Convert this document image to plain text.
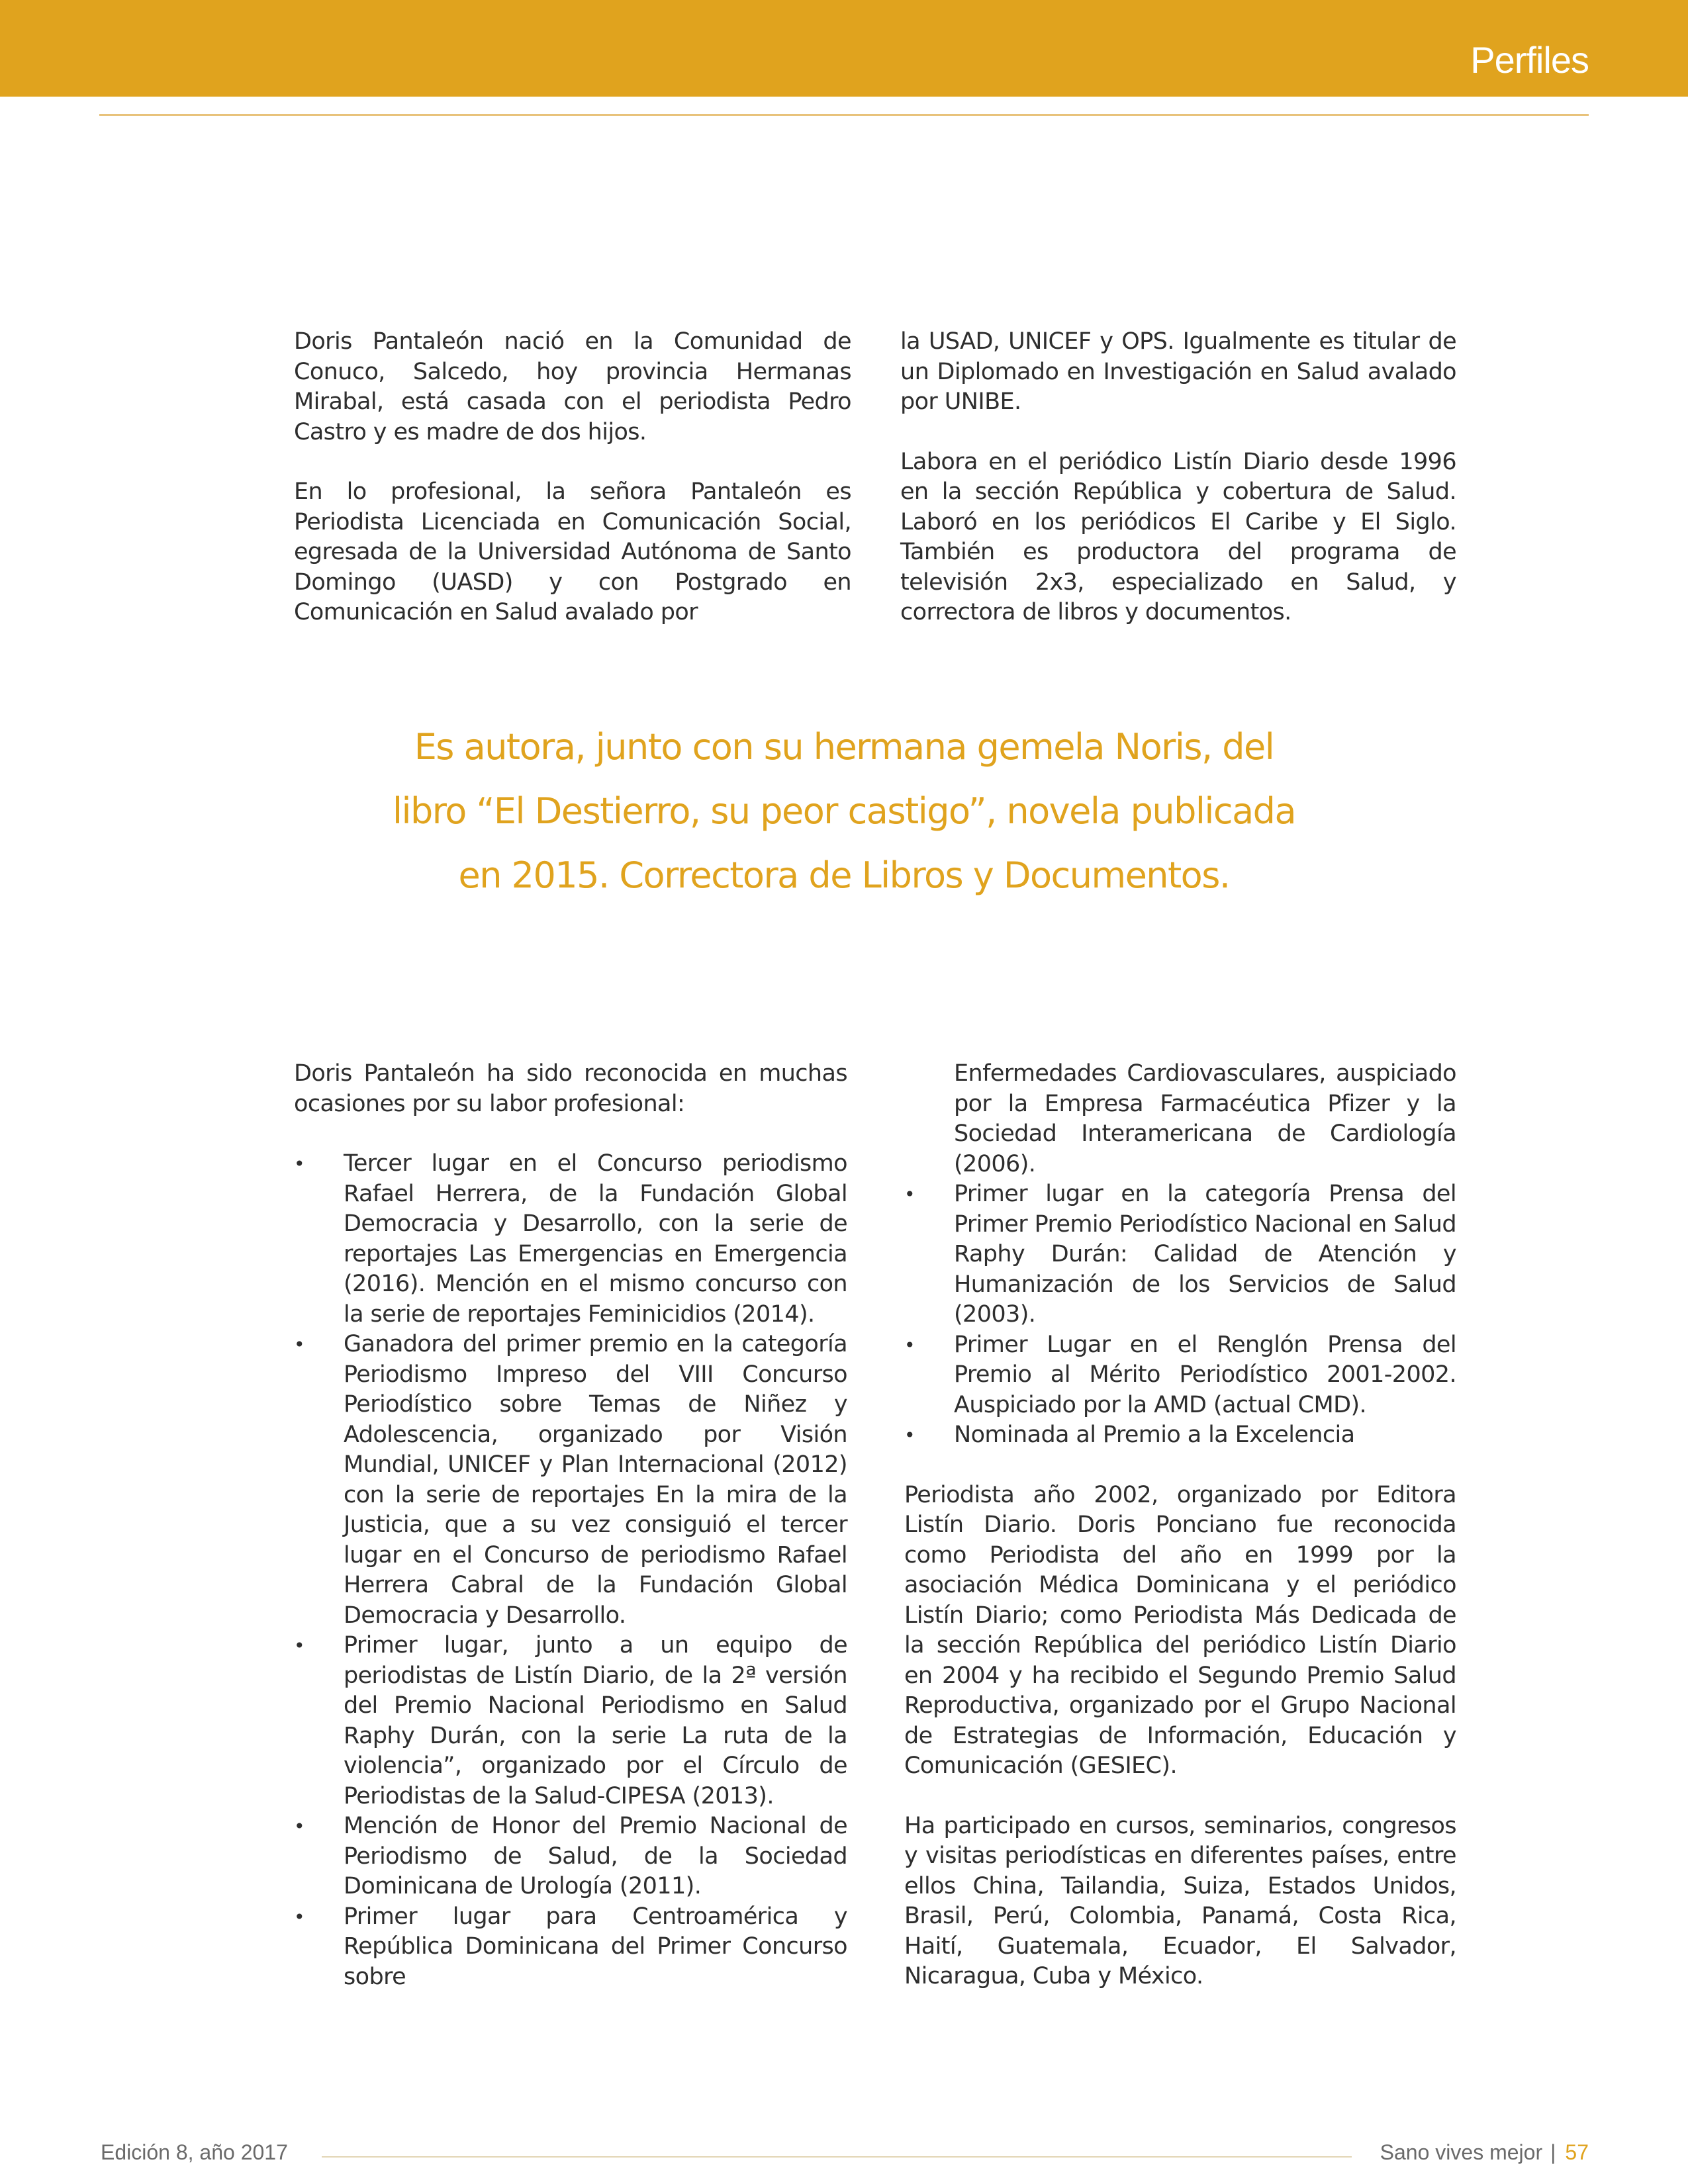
Perfiles

Doris Pantaleón nació en la Comunidad de Conuco, Salcedo, hoy provincia Hermanas Mirabal, está casada con el periodista Pedro Castro y es madre de dos hijos.

En lo profesional, la señora Pantaleón es Periodista Licenciada en Comunicación Social, egresada de la Universidad Autónoma de Santo Domingo (UASD) y con Postgrado en Comunicación en Salud avalado por

la USAD, UNICEF y OPS. Igualmente es titular de un Diplomado en Investigación en Salud avalado por UNIBE.

Labora en el periódico Listín Diario desde 1996 en la sección República y cobertura de Salud. Laboró en los periódicos El Caribe y El Siglo. También es productora del programa de televisión 2x3, especializado en Salud, y correctora de libros y documentos.

Es autora, junto con su hermana gemela Noris, del
libro “El Destierro, su peor castigo”, novela publicada
en 2015. Correctora de Libros y Documentos.

Doris Pantaleón ha sido reconocida en muchas ocasiones por su labor profesional:

• Tercer lugar en el Concurso periodismo Rafael Herrera, de la Fundación Global Democracia y Desarrollo, con la serie de reportajes Las Emergencias en Emergencia (2016). Mención en el mismo concurso con la serie de reportajes Feminicidios (2014).
• Ganadora del primer premio en la categoría Periodismo Impreso del VIII Concurso Periodístico sobre Temas de Niñez y Adolescencia, organizado por Visión Mundial, UNICEF y Plan Internacional (2012) con la serie de reportajes En la mira de la Justicia, que a su vez consiguió el tercer lugar en el Concurso de periodismo Rafael Herrera Cabral de la Fundación Global Democracia y Desarrollo.
• Primer lugar, junto a un equipo de periodistas de Listín Diario, de la 2ª versión del Premio Nacional Periodismo en Salud Raphy Durán, con la serie La ruta de la violencia”, organizado por el Círculo de Periodistas de la Salud-CIPESA (2013).
• Mención de Honor del Premio Nacional de Periodismo de Salud, de la Sociedad Dominicana de Urología (2011).
• Primer lugar para Centroamérica y República Dominicana del Primer Concurso sobre
Enfermedades Cardiovasculares, auspiciado por la Empresa Farmacéutica Pfizer y la Sociedad Interamericana de Cardiología (2006).
• Primer lugar en la categoría Prensa del Primer Premio Periodístico Nacional en Salud Raphy Durán: Calidad de Atención y Humanización de los Servicios de Salud (2003).
• Primer Lugar en el Renglón Prensa del Premio al Mérito Periodístico 2001-2002. Auspiciado por la AMD (actual CMD).
• Nominada al Premio a la Excelencia

Periodista año 2002, organizado por Editora Listín Diario. Doris Ponciano fue reconocida como Periodista del año en 1999 por la asociación Médica Dominicana y el periódico Listín Diario; como Periodista Más Dedicada de la sección República del periódico Listín Diario en 2004 y ha recibido el Segundo Premio Salud Reproductiva, organizado por el Grupo Nacional de Estrategias de Información, Educación y Comunicación (GESIEC).

Ha participado en cursos, seminarios, congresos y visitas periodísticas en diferentes países, entre ellos China, Tailandia, Suiza, Estados Unidos, Brasil, Perú, Colombia, Panamá, Costa Rica, Haití, Guatemala, Ecuador, El Salvador, Nicaragua, Cuba y México.

Edición 8, año 2017	Sano vives mejor | 57
